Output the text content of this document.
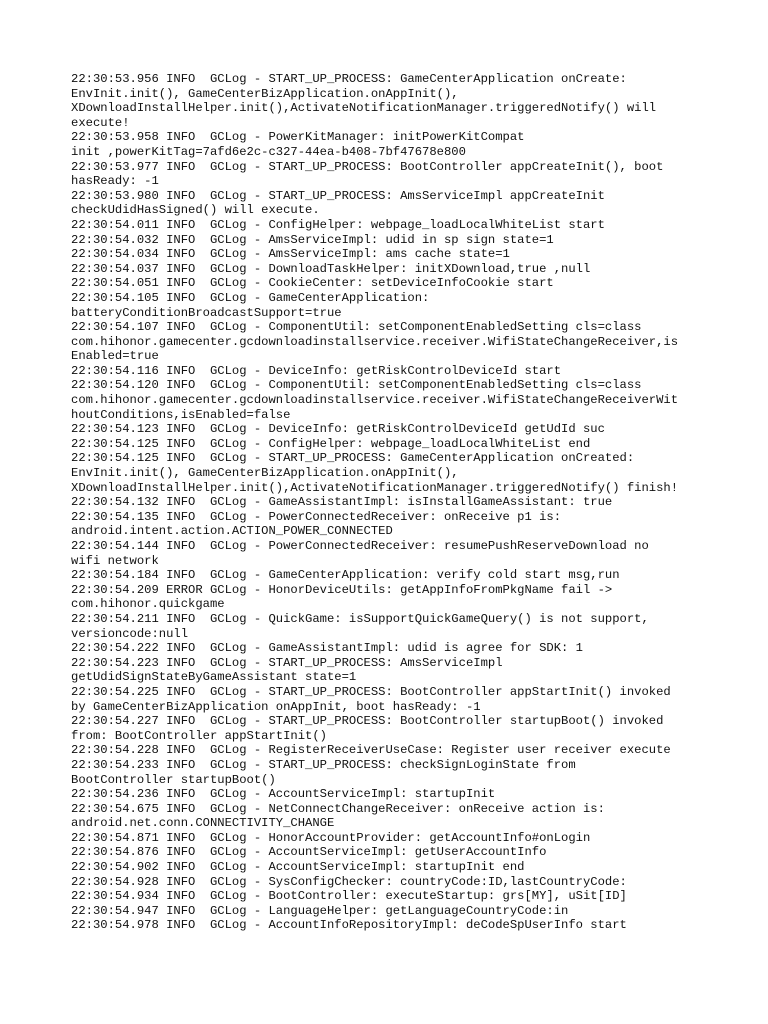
22:30:53.956 INFO  GCLog - START_UP_PROCESS: GameCenterApplication onCreate:
EnvInit.init(), GameCenterBizApplication.onAppInit(),
XDownloadInstallHelper.init(),ActivateNotificationManager.triggeredNotify() will
execute!
22:30:53.958 INFO  GCLog - PowerKitManager: initPowerKitCompat
init ,powerKitTag=7afd6e2c-c327-44ea-b408-7bf47678e800
22:30:53.977 INFO  GCLog - START_UP_PROCESS: BootController appCreateInit(), boot
hasReady: -1
22:30:53.980 INFO  GCLog - START_UP_PROCESS: AmsServiceImpl appCreateInit
checkUdidHasSigned() will execute.
22:30:54.011 INFO  GCLog - ConfigHelper: webpage_loadLocalWhiteList start
22:30:54.032 INFO  GCLog - AmsServiceImpl: udid in sp sign state=1
22:30:54.034 INFO  GCLog - AmsServiceImpl: ams cache state=1
22:30:54.037 INFO  GCLog - DownloadTaskHelper: initXDownload,true ,null
22:30:54.051 INFO  GCLog - CookieCenter: setDeviceInfoCookie start
22:30:54.105 INFO  GCLog - GameCenterApplication:
batteryConditionBroadcastSupport=true
22:30:54.107 INFO  GCLog - ComponentUtil: setComponentEnabledSetting cls=class
com.hihonor.gamecenter.gcdownloadinstallservice.receiver.WifiStateChangeReceiver,is
Enabled=true
22:30:54.116 INFO  GCLog - DeviceInfo: getRiskControlDeviceId start
22:30:54.120 INFO  GCLog - ComponentUtil: setComponentEnabledSetting cls=class
com.hihonor.gamecenter.gcdownloadinstallservice.receiver.WifiStateChangeReceiverWit
houtConditions,isEnabled=false
22:30:54.123 INFO  GCLog - DeviceInfo: getRiskControlDeviceId getUdId suc
22:30:54.125 INFO  GCLog - ConfigHelper: webpage_loadLocalWhiteList end
22:30:54.125 INFO  GCLog - START_UP_PROCESS: GameCenterApplication onCreated:
EnvInit.init(), GameCenterBizApplication.onAppInit(),
XDownloadInstallHelper.init(),ActivateNotificationManager.triggeredNotify() finish!
22:30:54.132 INFO  GCLog - GameAssistantImpl: isInstallGameAssistant: true
22:30:54.135 INFO  GCLog - PowerConnectedReceiver: onReceive p1 is:
android.intent.action.ACTION_POWER_CONNECTED
22:30:54.144 INFO  GCLog - PowerConnectedReceiver: resumePushReserveDownload no
wifi network
22:30:54.184 INFO  GCLog - GameCenterApplication: verify cold start msg,run
22:30:54.209 ERROR GCLog - HonorDeviceUtils: getAppInfoFromPkgName fail ->
com.hihonor.quickgame
22:30:54.211 INFO  GCLog - QuickGame: isSupportQuickGameQuery() is not support,
versioncode:null
22:30:54.222 INFO  GCLog - GameAssistantImpl: udid is agree for SDK: 1
22:30:54.223 INFO  GCLog - START_UP_PROCESS: AmsServiceImpl
getUdidSignStateByGameAssistant state=1
22:30:54.225 INFO  GCLog - START_UP_PROCESS: BootController appStartInit() invoked
by GameCenterBizApplication onAppInit, boot hasReady: -1
22:30:54.227 INFO  GCLog - START_UP_PROCESS: BootController startupBoot() invoked
from: BootController appStartInit()
22:30:54.228 INFO  GCLog - RegisterReceiverUseCase: Register user receiver execute
22:30:54.233 INFO  GCLog - START_UP_PROCESS: checkSignLoginState from
BootController startupBoot()
22:30:54.236 INFO  GCLog - AccountServiceImpl: startupInit
22:30:54.675 INFO  GCLog - NetConnectChangeReceiver: onReceive action is:
android.net.conn.CONNECTIVITY_CHANGE
22:30:54.871 INFO  GCLog - HonorAccountProvider: getAccountInfo#onLogin
22:30:54.876 INFO  GCLog - AccountServiceImpl: getUserAccountInfo
22:30:54.902 INFO  GCLog - AccountServiceImpl: startupInit end
22:30:54.928 INFO  GCLog - SysConfigChecker: countryCode:ID,lastCountryCode:
22:30:54.934 INFO  GCLog - BootController: executeStartup: grs[MY], uSit[ID]
22:30:54.947 INFO  GCLog - LanguageHelper: getLanguageCountryCode:in
22:30:54.978 INFO  GCLog - AccountInfoRepositoryImpl: deCodeSpUserInfo start
